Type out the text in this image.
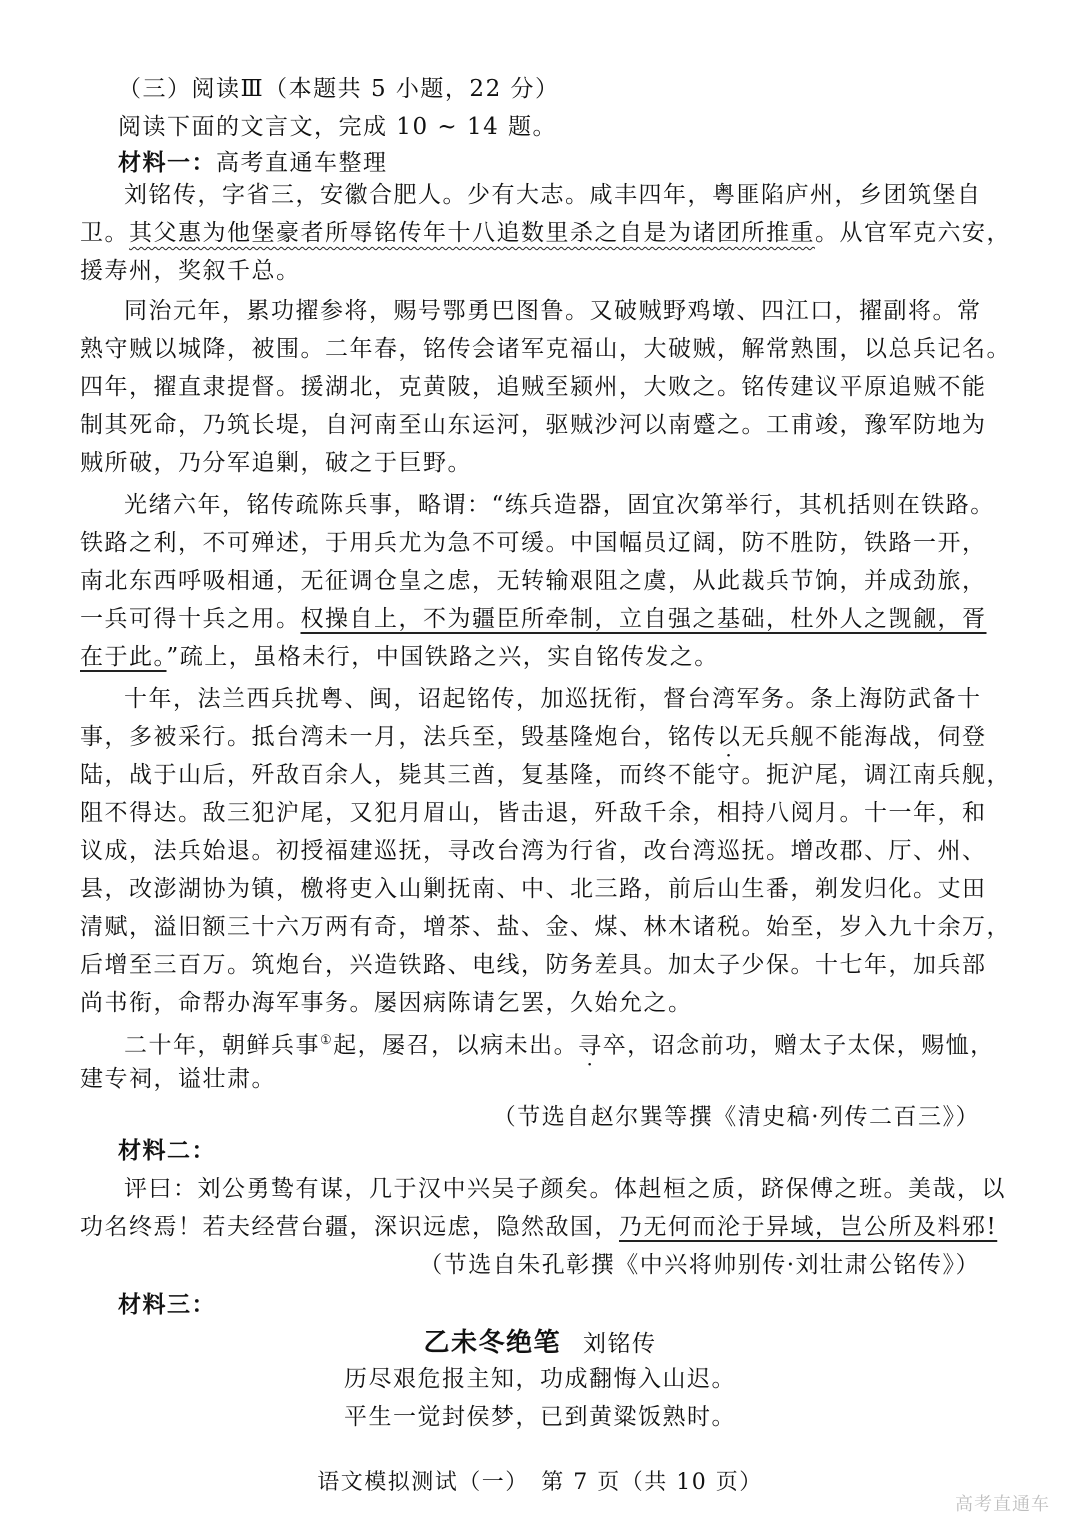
（三）阅读Ⅲ（本题共 5 小题，22 分）
阅读下面的文言文，完成 10 ~ 14 题。
材料一：高考直通车整理
刘铭传，字省三，安徽合肥人。少有大志。咸丰四年，粤匪陷庐州，乡团筑堡自
卫。其父惠为他堡豪者所辱铭传年十八追数里杀之自是为诸团所推重。从官军克六安，
援寿州，奖叙千总。
同治元年，累功擢参将，赐号鄂勇巴图鲁。又破贼野鸡墩、四江口，擢副将。常
熟守贼以城降，被围。二年春，铭传会诸军克福山，大破贼，解常熟围，以总兵记名。
四年，擢直隶提督。援湖北，克黄陂，追贼至颍州，大败之。铭传建议平原追贼不能
制其死命，乃筑长堤，自河南至山东运河，驱贼沙河以南蹙之。工甫竣，豫军防地为
贼所破，乃分军追剿，破之于巨野。
光绪六年，铭传疏陈兵事，略谓：“练兵造器，固宜次第举行，其机括则在铁路。
铁路之利，不可殚述，于用兵尤为急不可缓。中国幅员辽阔，防不胜防，铁路一开，
南北东西呼吸相通，无征调仓皇之虑，无转输艰阻之虞，从此裁兵节饷，并成劲旅，
一兵可得十兵之用。权操自上，不为疆臣所牵制，立自强之基础，杜外人之觊觎，胥
在于此。”疏上，虽格未行，中国铁路之兴，实自铭传发之。
十年，法兰西兵扰粤、闽，诏起铭传，加巡抚衔，督台湾军务。条上海防武备十
事，多被采行。抵台湾未一月，法兵至，毁基隆炮台，铭传以无兵舰不能海战，伺登
陆，战于山后，歼敌百余人，毙其三酋，复基隆，而终不能守。扼沪尾，调江南兵舰，
阻不得达。敌三犯沪尾，又犯月眉山，皆击退，歼敌千余，相持八阅月。十一年，和
议成，法兵始退。初授福建巡抚，寻改台湾为行省，改台湾巡抚。增改郡、厅、州、
县，改澎湖协为镇，檄将吏入山剿抚南、中、北三路，前后山生番，剃发归化。丈田
清赋，溢旧额三十六万两有奇，增茶、盐、金、煤、林木诸税。始至，岁入九十余万，
后增至三百万。筑炮台，兴造铁路、电线，防务差具。加太子少保。十七年，加兵部
尚书衔，命帮办海军事务。屡因病陈请乞罢，久始允之。
二十年，朝鲜兵事①起，屡召，以病未出。寻卒，诏念前功，赠太子太保，赐恤，
建专祠，谥壮肃。
（节选自赵尔巽等撰《清史稿·列传二百三》）
材料二：
评曰：刘公勇鸷有谋，几于汉中兴吴子颜矣。体赳桓之质，跻保傅之班。美哉，以
功名终焉！若夫经营台疆，深识远虑，隐然敌国，乃无何而沦于异域，岂公所及料邪!
（节选自朱孔彰撰《中兴将帅别传·刘壮肃公铭传》）
材料三：
乙未冬绝笔 刘铭传
历尽艰危报主知，功成翻悔入山迟。
平生一觉封侯梦，已到黄粱饭熟时。
语文模拟测试（一）　第 7 页（共 10 页）
高考直通车
